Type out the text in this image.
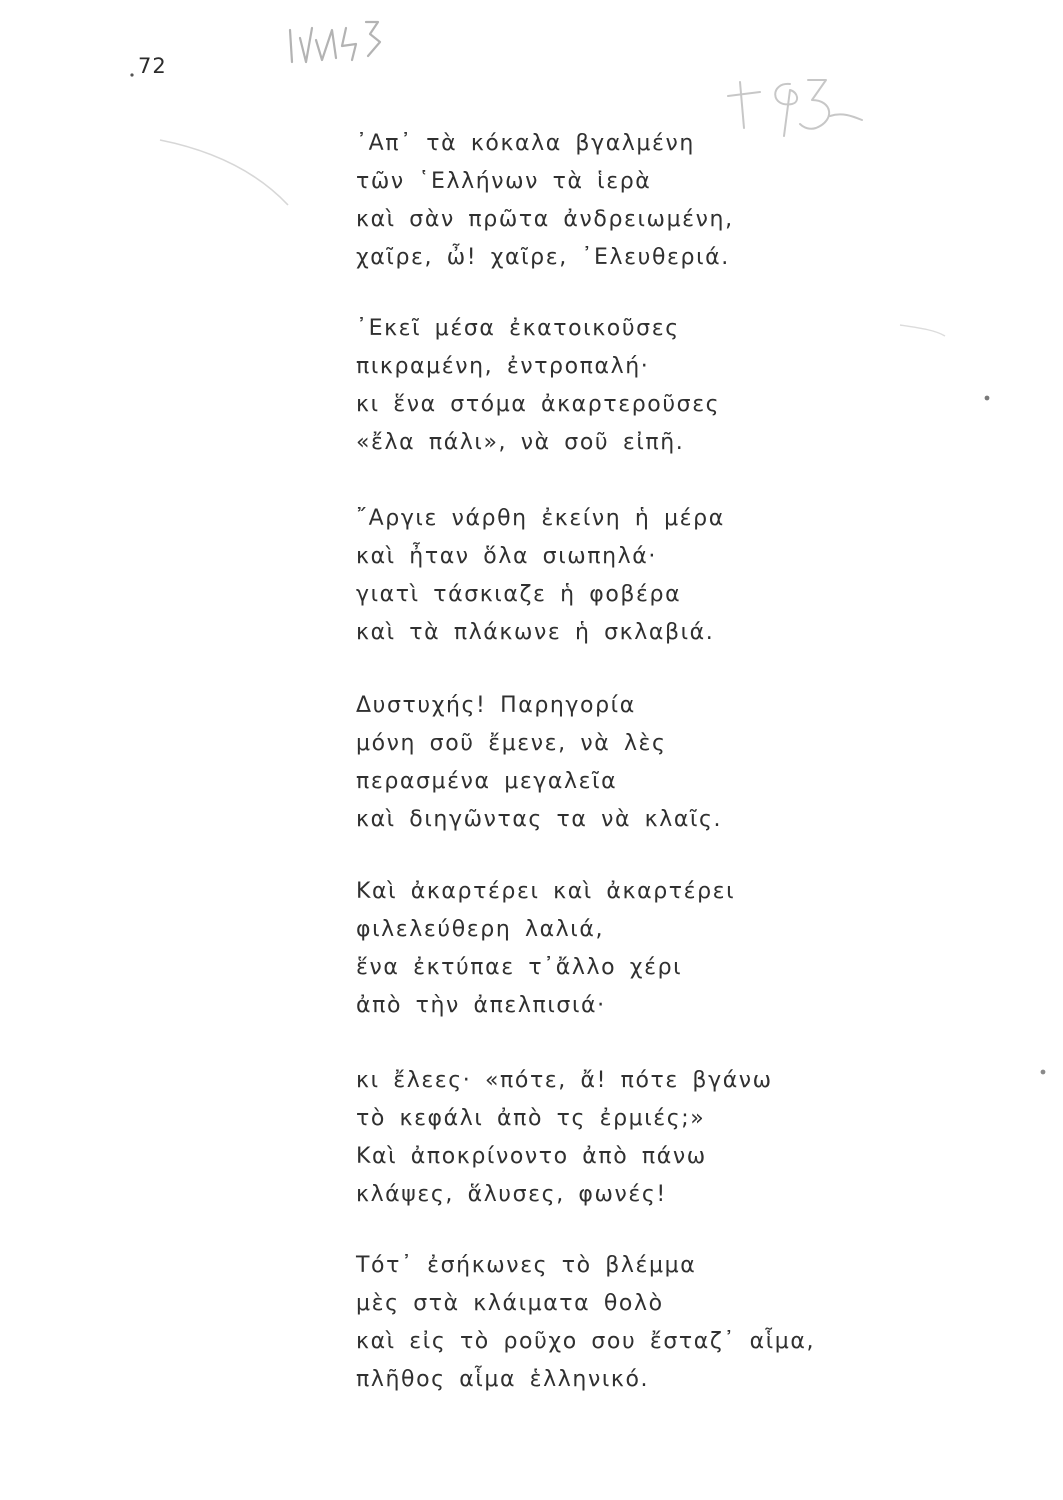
72
᾿Απ᾿ τὰ κόκαλα βγαλμένη
τῶν ῾Ελλήνων τὰ ἱερὰ
καὶ σὰν πρῶτα ἀνδρειωμένη,
χαῖρε, ὦ! χαῖρε, ᾿Ελευθεριά.
᾿Εκεῖ μέσα ἐκατοικοῦσες
πικραμένη, ἐντροπαλή·
κι ἕνα στόμα ἀκαρτεροῦσες
«ἔλα πάλι», νὰ σοῦ εἰπῆ.
῎Αργιε νάρθη ἐκείνη ἡ μέρα
καὶ ἦταν ὅλα σιωπηλά·
γιατὶ τάσκιαζε ἡ φοβέρα
καὶ τὰ πλάκωνε ἡ σκλαβιά.
Δυστυχής! Παρηγορία
μόνη σοῦ ἔμενε, νὰ λὲς
περασμένα μεγαλεῖα
καὶ διηγῶντας τα νὰ κλαῖς.
Καὶ ἀκαρτέρει καὶ ἀκαρτέρει
φιλελεύθερη λαλιά,
ἕνα ἐκτύπαε τ᾿ἄλλο χέρι
ἀπὸ τὴν ἀπελπισιά·
κι ἔλεες· «πότε, ἄ! πότε βγάνω
τὸ κεφάλι ἀπὸ τς ἐρμιές;»
Καὶ ἀποκρίνοντο ἀπὸ πάνω
κλάψες, ἅλυσες, φωνές!
Τότ᾿ ἐσήκωνες τὸ βλέμμα
μὲς στὰ κλάιματα θολὸ
καὶ εἰς τὸ ροῦχο σου ἔσταζ᾿ αἷμα,
πλῆθος αἷμα ἑλληνικό.
